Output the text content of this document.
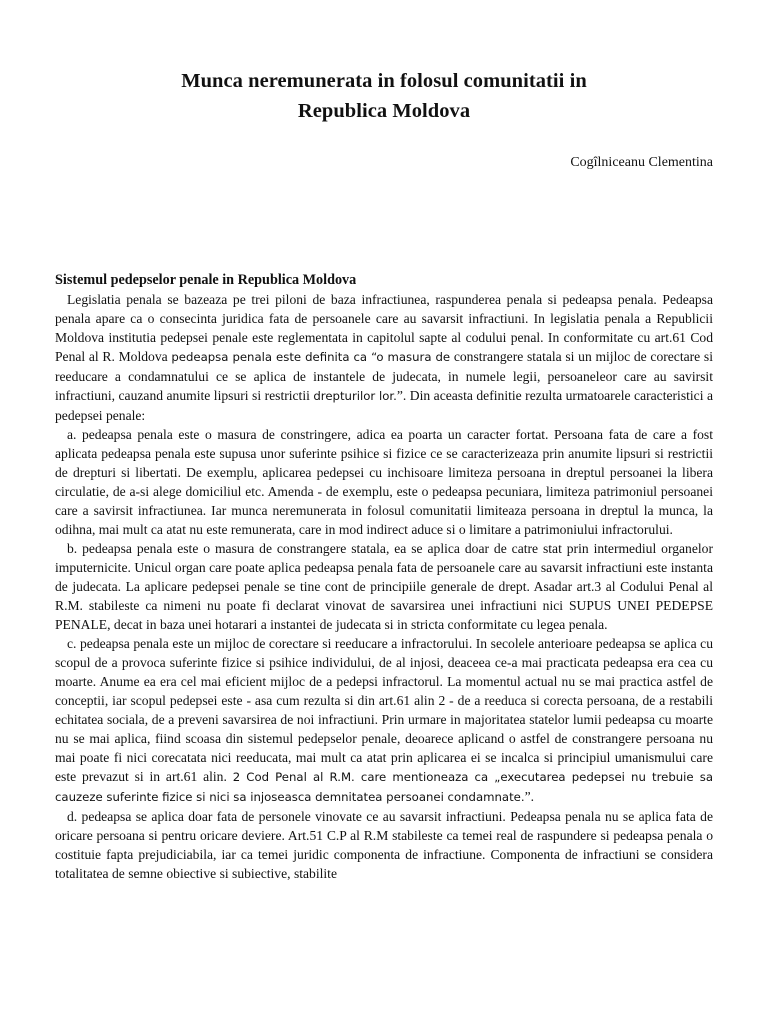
Munca neremunerata in folosul comunitatii in
Republica Moldova

Cogîlniceanu Clementina

Sistemul pedepselor penale in Republica Moldova

Legislatia penala se bazeaza pe trei piloni de baza infractiunea, raspunderea penala si pedeapsa penala. Pedeapsa penala apare ca o consecinta juridica fata de persoanele care au savarsit infractiuni. In legislatia penala a Republicii Moldova institutia pedepsei penale este reglementata in capitolul sapte al codului penal. In conformitate cu art.61 Cod Penal al R. Moldova pedeapsa penala este definita ca “o masura de constrangere statala si un mijloc de corectare si reeducare a condamnatului ce se aplica de instantele de judecata, in numele legii, persoaneleor care au savirsit infractiuni, cauzand anumite lipsuri si restrictii drepturilor lor.”. Din aceasta definitie rezulta urmatoarele caracteristici a pedepsei penale:

a. pedeapsa penala este o masura de constringere, adica ea poarta un caracter fortat. Persoana fata de care a fost aplicata pedeapsa penala este supusa unor suferinte psihice si fizice ce se caracterizeaza prin anumite lipsuri si restrictii de drepturi si libertati. De exemplu, aplicarea pedepsei cu inchisoare limiteza persoana in dreptul persoanei la libera circulatie, de a-si alege domiciliul etc. Amenda - de exemplu, este o pedeapsa pecuniara, limiteza patrimoniul persoanei care a savirsit infractiunea. Iar munca neremunerata in folosul comunitatii limiteaza persoana in dreptul la munca, la odihna, mai mult ca atat nu este remunerata, care in mod indirect aduce si o limitare a patrimoniului infractorului.

b. pedeapsa penala este o masura de constrangere statala, ea se aplica doar de catre stat prin intermediul organelor imputernicite. Unicul organ care poate aplica pedeapsa penala fata de persoanele care au savarsit infractiuni este instanta de judecata. La aplicare pedepsei penale se tine cont de principiile generale de drept. Asadar art.3 al Codului Penal al R.M. stabileste ca nimeni nu poate fi declarat vinovat de savarsirea unei infractiuni nici SUPUS UNEI PEDEPSE PENALE, decat in baza unei hotarari a instantei de judecata si in stricta conformitate cu legea penala.

c. pedeapsa penala este un mijloc de corectare si reeducare a infractorului. In secolele anterioare pedeapsa se aplica cu scopul de a provoca suferinte fizice si psihice individului, de al injosi, deaceea ce-a mai practicata pedeapsa era cea cu moarte. Anume ea era cel mai eficient mijloc de a pedepsi infractorul. La momentul actual nu se mai practica astfel de conceptii, iar scopul pedepsei este - asa cum rezulta si din art.61 alin 2 - de a reeduca si corecta persoana, de a restabili echitatea sociala, de a preveni savarsirea de noi infractiuni. Prin urmare in majoritatea statelor lumii pedeapsa cu moarte nu se mai aplica, fiind scoasa din sistemul pedepselor penale, deoarece aplicand o astfel de constrangere persoana nu mai poate fi nici corecatata nici reeducata, mai mult ca atat prin aplicarea ei se incalca si principiul umanismului care este prevazut si in art.61 alin. 2 Cod Penal al R.M. care mentioneaza ca „executarea pedepsei nu trebuie sa cauzeze suferinte fizice si nici sa injoseasca demnitatea persoanei condamnate.”.

d. pedeapsa se aplica doar fata de personele vinovate ce au savarsit infractiuni. Pedeapsa penala nu se aplica fata de oricare persoana si pentru oricare deviere. Art.51 C.P al R.M stabileste ca temei real de raspundere si pedeapsa penala o costituie fapta prejudiciabila, iar ca temei juridic componenta de infractiune. Componenta de infractiuni se considera totalitatea de semne obiective si subiective, stabilite
